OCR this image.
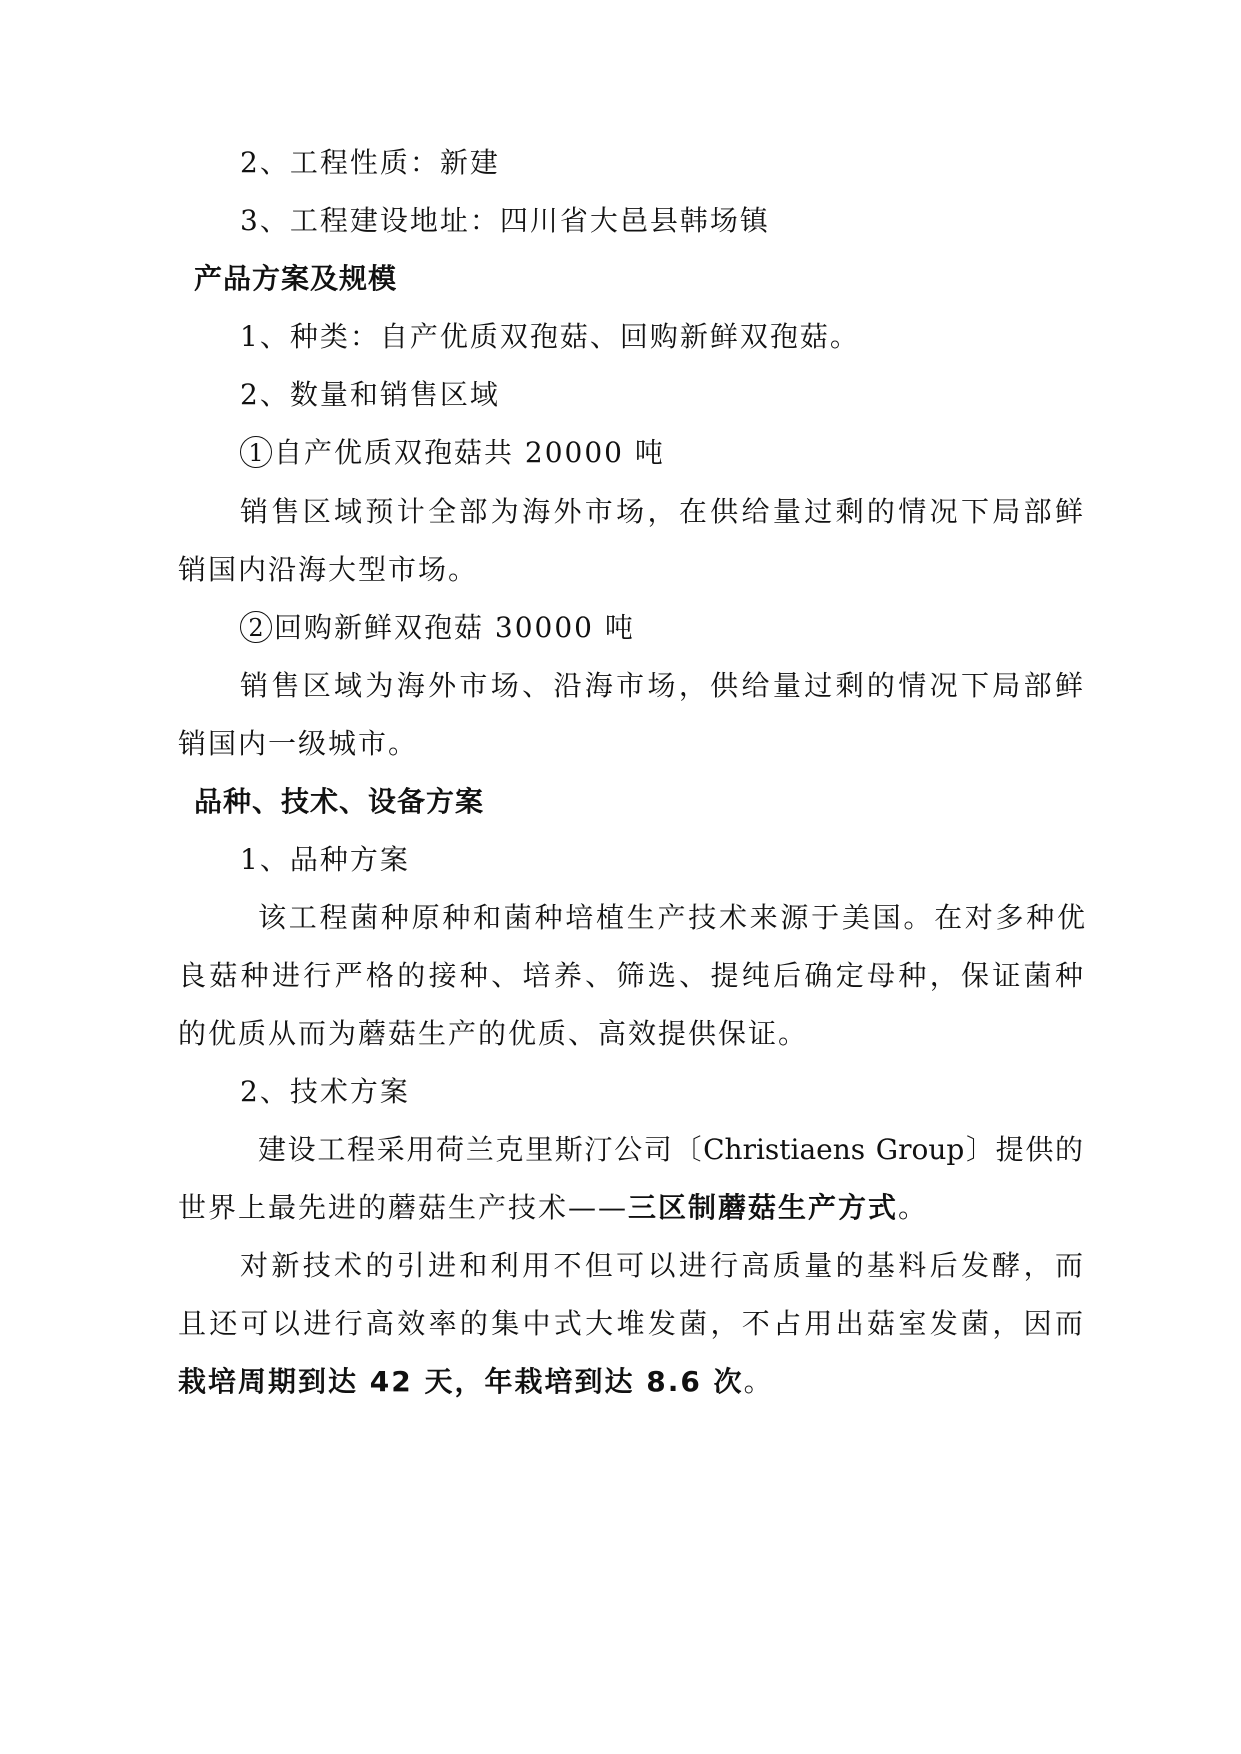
2、工程性质：新建
3、工程建设地址：四川省大邑县韩场镇
产品方案及规模
1、种类：自产优质双孢菇、回购新鲜双孢菇。
2、数量和销售区域
1 自产优质双孢菇共 20000 吨
销售区域预计全部为海外市场，在供给量过剩的情况下局部鲜
销国内沿海大型市场。
2 回购新鲜双孢菇 30000 吨
销售区域为海外市场、沿海市场，供给量过剩的情况下局部鲜
销国内一级城市。
品种、技术、设备方案
1、品种方案
该工程菌种原种和菌种培植生产技术来源于美国。在对多种优
良菇种进行严格的接种、培养、筛选、提纯后确定母种，保证菌种
的优质从而为蘑菇生产的优质、高效提供保证。
2、技术方案
建设工程采用荷兰克里斯汀公司〔Christiaens Group〕提供的
世界上最先进的蘑菇生产技术——三区制蘑菇生产方式。
对新技术的引进和利用不但可以进行高质量的基料后发酵，而
且还可以进行高效率的集中式大堆发菌，不占用出菇室发菌，因而
栽培周期到达 42 天，年栽培到达 8.6 次。
